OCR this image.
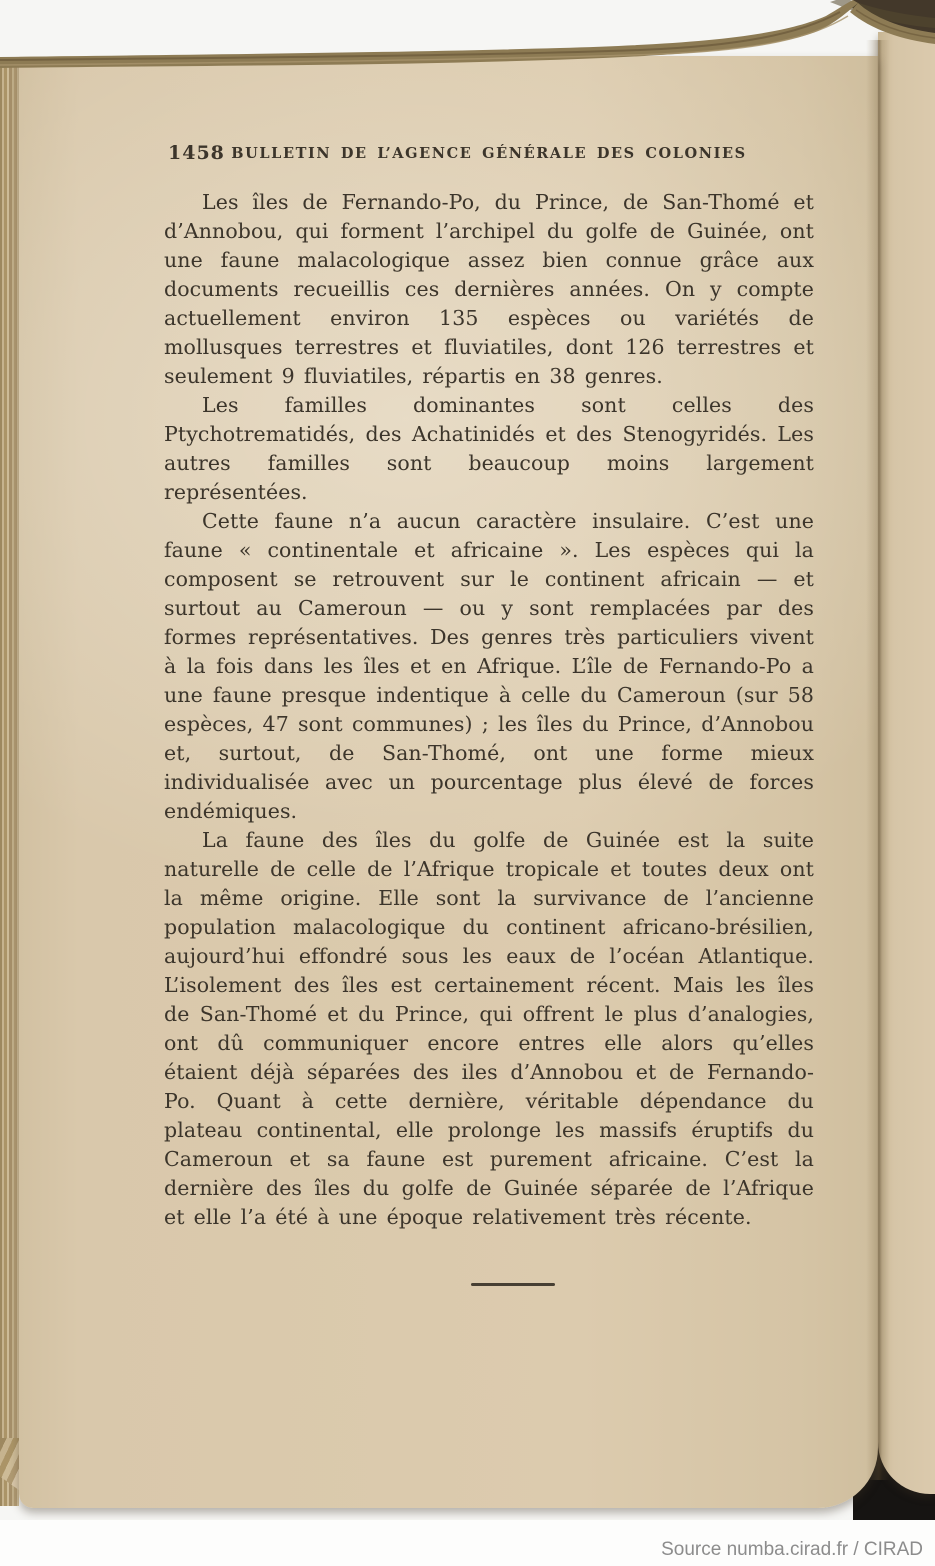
1458 BULLETIN DE L’AGENCE GÉNÉRALE DES COLONIES

Les îles de Fernando-Po, du Prince, de San-Thomé et d’Annobou, qui forment l’archipel du golfe de Guinée, ont une faune malacologique assez bien connue grâce aux documents recueillis ces dernières années. On y compte actuellement environ 135 espèces ou variétés de mollusques terrestres et fluviatiles, dont 126 terrestres et seulement 9 fluviatiles, répartis en 38 genres.

Les familles dominantes sont celles des Ptychotrematidés, des Achatinidés et des Stenogyridés. Les autres familles sont beaucoup moins largement représentées.

Cette faune n’a aucun caractère insulaire. C’est une faune « continentale et africaine ». Les espèces qui la composent se retrouvent sur le continent africain — et surtout au Cameroun — ou y sont remplacées par des formes représentatives. Des genres très particuliers vivent à la fois dans les îles et en Afrique. L’île de Fernando-Po a une faune presque indentique à celle du Cameroun (sur 58 espèces, 47 sont communes) ; les îles du Prince, d’Annobou et, surtout, de San-Thomé, ont une forme mieux individualisée avec un pourcentage plus élevé de forces endémiques.

La faune des îles du golfe de Guinée est la suite naturelle de celle de l’Afrique tropicale et toutes deux ont la même origine. Elle sont la survivance de l’ancienne population malacologique du continent africano-brésilien, aujourd’hui effondré sous les eaux de l’océan Atlantique. L’isolement des îles est certainement récent. Mais les îles de San-Thomé et du Prince, qui offrent le plus d’analogies, ont dû communiquer encore entres elle alors qu’elles étaient déjà séparées des iles d’Annobou et de Fernando-Po. Quant à cette dernière, véritable dépendance du plateau continental, elle prolonge les massifs éruptifs du Cameroun et sa faune est purement africaine. C’est la dernière des îles du golfe de Guinée séparée de l’Afrique et elle l’a été à une époque relativement très récente.

Source numba.cirad.fr / CIRAD
